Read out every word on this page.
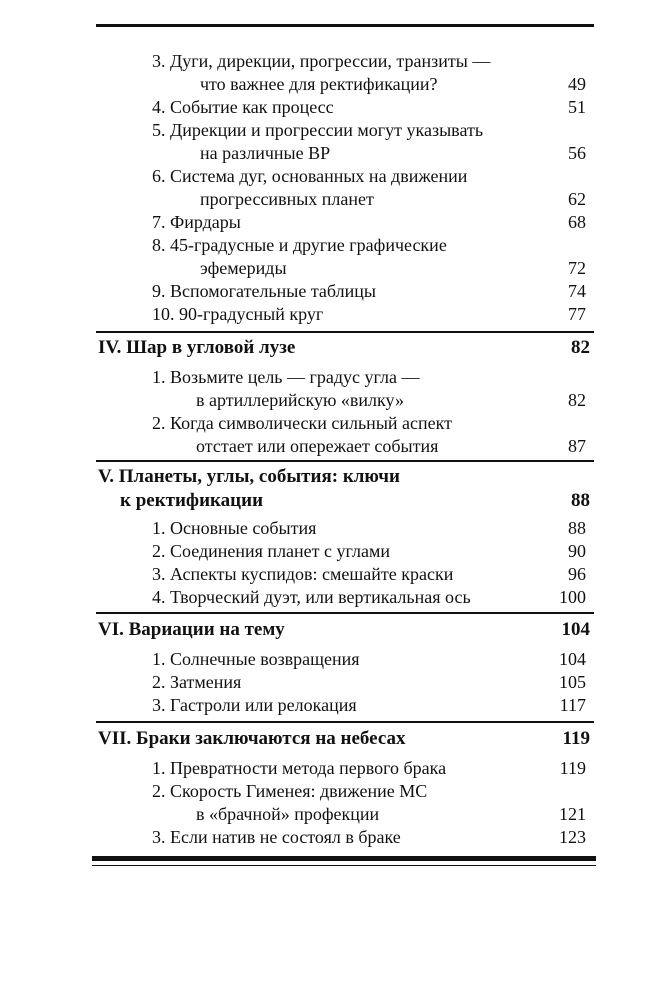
3. Дуги, дирекции, прогрессии, транзиты —
что важнее для ректификации?	49
4. Событие как процесс	51
5. Дирекции и прогрессии могут указывать
на различные ВР	56
6. Система дуг, основанных на движении
прогрессивных планет	62
7. Фирдары	68
8. 45-градусные и другие графические
эфемериды	72
9. Вспомогательные таблицы	74
10. 90-градусный круг	77
IV. Шар в угловой лузе	82
1. Возьмите цель — градус угла —
в артиллерийскую «вилку»	82
2. Когда символически сильный аспект
отстает или опережает события	87
V. Планеты, углы, события: ключи
к ректификации	88
1. Основные события	88
2. Соединения планет с углами	90
3. Аспекты куспидов: смешайте краски	96
4. Творческий дуэт, или вертикальная ось	100
VI. Вариации на тему	104
1. Солнечные возвращения	104
2. Затмения	105
3. Гастроли или релокация	117
VII. Браки заключаются на небесах	119
1. Превратности метода первого брака	119
2. Скорость Гименея: движение МС
в «брачной» профекции	121
3. Если натив не состоял в браке	123
